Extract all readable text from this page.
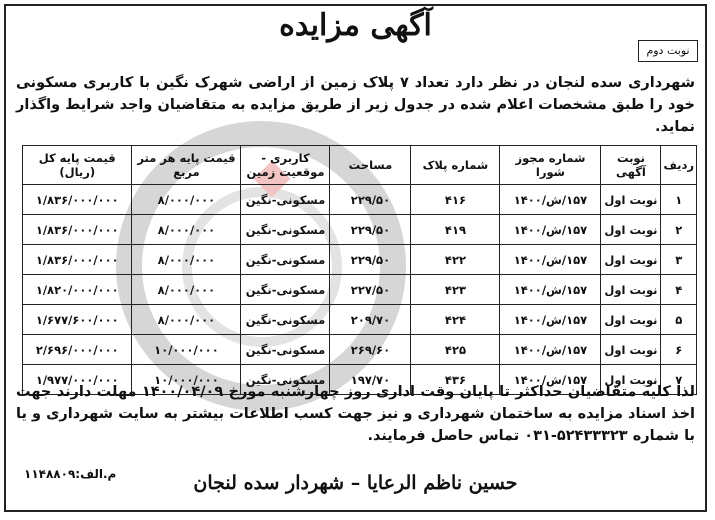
آگهی مزایده
نوبت دوم
شهرداری سده لنجان در نظر دارد تعداد ۷ پلاک زمین از اراضی شهرک نگین با کاربری مسکونی خود را طبق مشخصات اعلام شده در جدول زیر از طریق مزایده به متقاضیان واجد شرایط واگذار نماید.
ردیف	نوبت آگهی	شماره مجوز شورا	شماره پلاک	مساحت	کاربری - موقعیت زمین	قیمت پایه هر متر مربع	قیمت پایه کل (ریال)
۱	نوبت اول	۱۵۷/ش/۱۴۰۰	۴۱۶	۲۲۹/۵۰	مسکونی-نگین	۸/۰۰۰/۰۰۰	۱/۸۳۶/۰۰۰/۰۰۰
۲	نوبت اول	۱۵۷/ش/۱۴۰۰	۴۱۹	۲۲۹/۵۰	مسکونی-نگین	۸/۰۰۰/۰۰۰	۱/۸۳۶/۰۰۰/۰۰۰
۳	نوبت اول	۱۵۷/ش/۱۴۰۰	۴۲۲	۲۲۹/۵۰	مسکونی-نگین	۸/۰۰۰/۰۰۰	۱/۸۳۶/۰۰۰/۰۰۰
۴	نوبت اول	۱۵۷/ش/۱۴۰۰	۴۲۳	۲۲۷/۵۰	مسکونی-نگین	۸/۰۰۰/۰۰۰	۱/۸۲۰/۰۰۰/۰۰۰
۵	نوبت اول	۱۵۷/ش/۱۴۰۰	۴۲۴	۲۰۹/۷۰	مسکونی-نگین	۸/۰۰۰/۰۰۰	۱/۶۷۷/۶۰۰/۰۰۰
۶	نوبت اول	۱۵۷/ش/۱۴۰۰	۴۲۵	۲۶۹/۶۰	مسکونی-نگین	۱۰/۰۰۰/۰۰۰	۲/۶۹۶/۰۰۰/۰۰۰
۷	نوبت اول	۱۵۷/ش/۱۴۰۰	۴۳۶	۱۹۷/۷۰	مسکونی-نگین	۱۰/۰۰۰/۰۰۰	۱/۹۷۷/۰۰۰/۰۰۰
لذا کلیه متقاضیان حداکثر تا پایان وقت اداری روز چهارشنبه مورخ ۱۴۰۰/۰۴/۰۹ مهلت دارند جهت اخذ اسناد مزایده به ساختمان شهرداری و نیز جهت کسب اطلاعات بیشتر به سایت شهرداری و یا با شماره ۵۲۴۳۳۳۲۳-۰۳۱ تماس حاصل فرمایند.
م.الف:۱۱۴۸۸۰۹	حسین ناظم الرعایا – شهردار سده لنجان
